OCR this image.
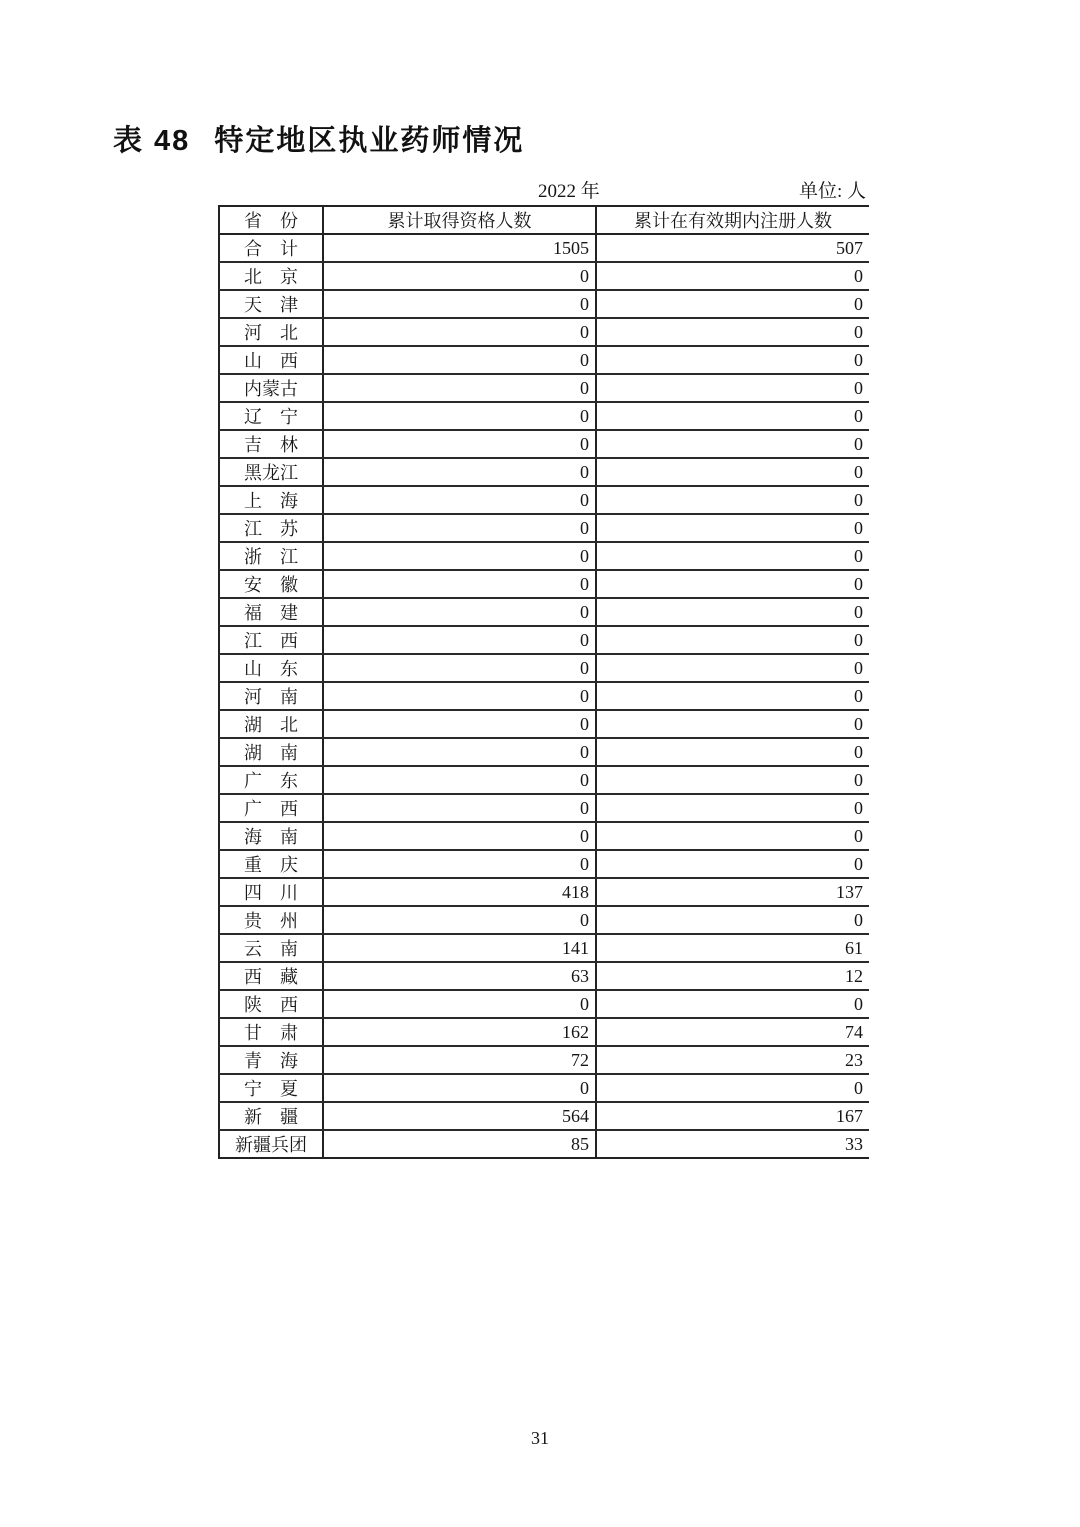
表 48 特定地区执业药师情况
2022 年	单位: 人
省　份	累计取得资格人数	累计在有效期内注册人数
合　计	1505	507
北　京	0	0
天　津	0	0
河　北	0	0
山　西	0	0
内蒙古	0	0
辽　宁	0	0
吉　林	0	0
黑龙江	0	0
上　海	0	0
江　苏	0	0
浙　江	0	0
安　徽	0	0
福　建	0	0
江　西	0	0
山　东	0	0
河　南	0	0
湖　北	0	0
湖　南	0	0
广　东	0	0
广　西	0	0
海　南	0	0
重　庆	0	0
四　川	418	137
贵　州	0	0
云　南	141	61
西　藏	63	12
陕　西	0	0
甘　肃	162	74
青　海	72	23
宁　夏	0	0
新　疆	564	167
新疆兵团	85	33
31
